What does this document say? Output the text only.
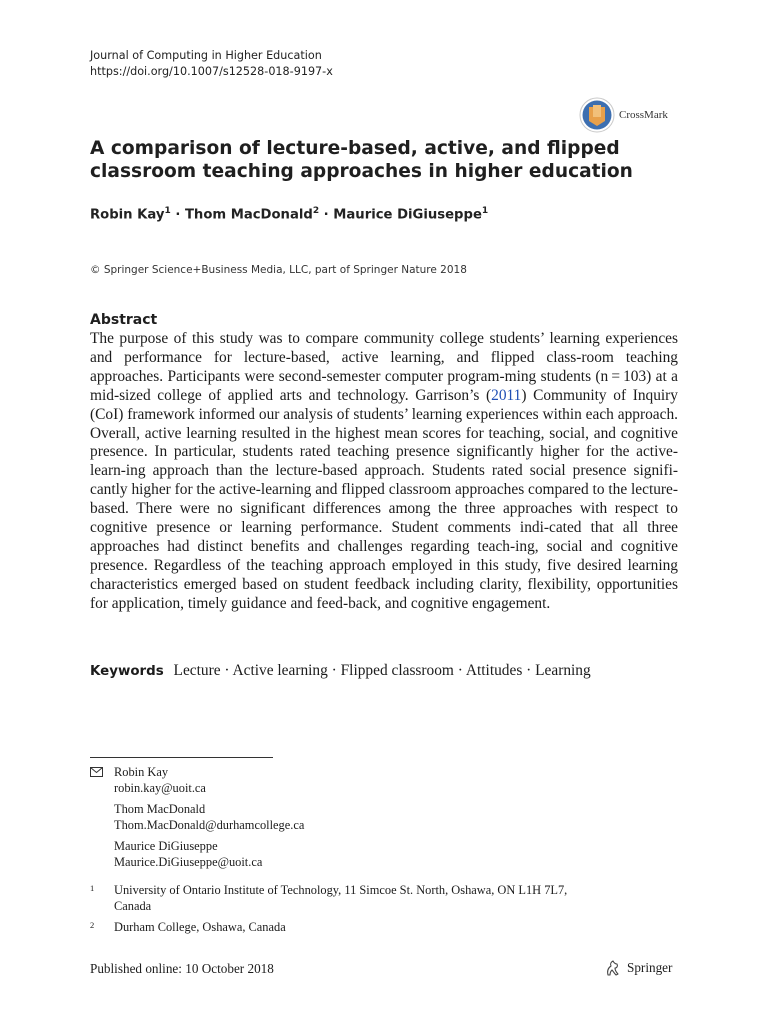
Journal of Computing in Higher Education
https://doi.org/10.1007/s12528-018-9197-x
CrossMark
A comparison of lecture-based, active, and flipped
classroom teaching approaches in higher education
Robin Kay$^1$ · Thom MacDonald$^2$ · Maurice DiGiuseppe$^1$
© Springer Science+Business Media, LLC, part of Springer Nature 2018
Abstract
The purpose of this study was to compare community college students’ learning experiences and performance for lecture-based, active learning, and flipped class-room teaching approaches. Participants were second-semester computer program-ming students (n = 103) at a mid-sized college of applied arts and technology. Garrison’s (2011) Community of Inquiry (CoI) framework informed our analysis of students’ learning experiences within each approach. Overall, active learning resulted in the highest mean scores for teaching, social, and cognitive presence. In particular, students rated teaching presence significantly higher for the active-learn-ing approach than the lecture-based approach. Students rated social presence signifi-cantly higher for the active-learning and flipped classroom approaches compared to the lecture-based. There were no significant differences among the three approaches with respect to cognitive presence or learning performance. Student comments indi-cated that all three approaches had distinct benefits and challenges regarding teach-ing, social and cognitive presence. Regardless of the teaching approach employed in this study, five desired learning characteristics emerged based on student feedback including clarity, flexibility, opportunities for application, timely guidance and feed-back, and cognitive engagement.
Keywords Lecture · Active learning · Flipped classroom · Attitudes · Learning
Robin Kay
robin.kay@uoit.ca
Thom MacDonald
Thom.MacDonald@durhamcollege.ca
Maurice DiGiuseppe
Maurice.DiGiuseppe@uoit.ca
1 University of Ontario Institute of Technology, 11 Simcoe St. North, Oshawa, ON L1H 7L7,
Canada
2 Durham College, Oshawa, Canada
Published online: 10 October 2018	Springer
